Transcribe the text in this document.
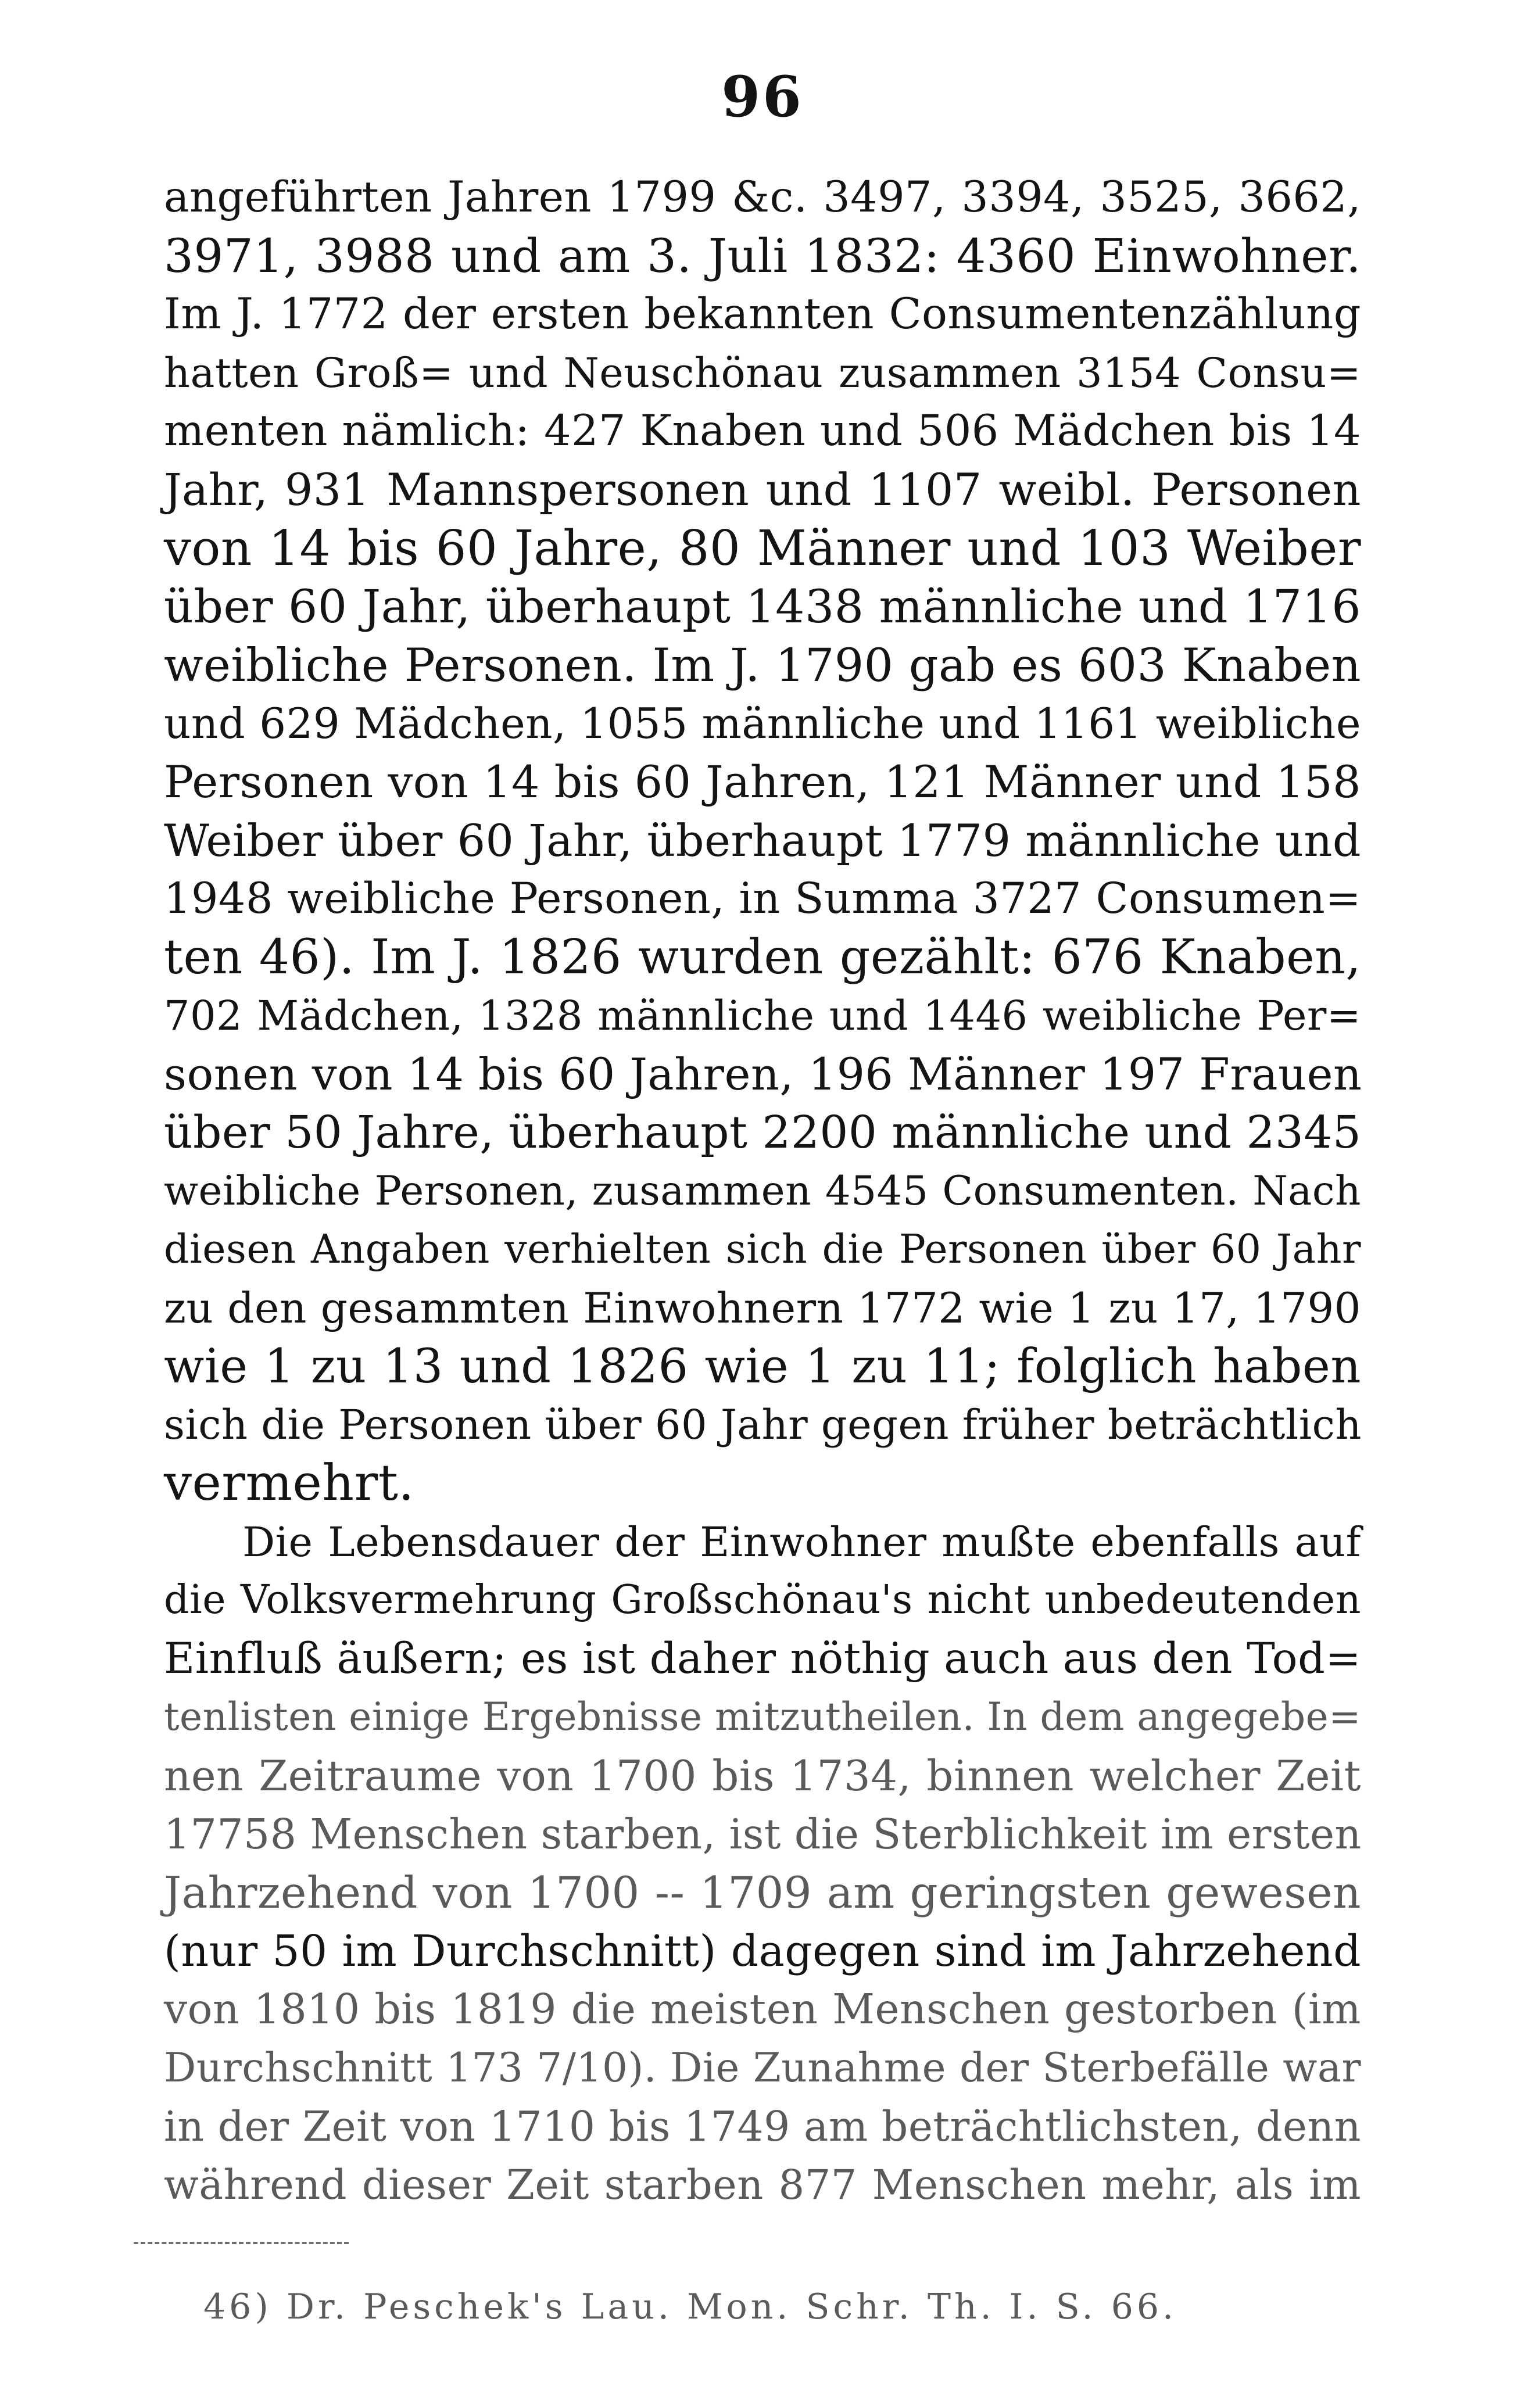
96
angeführten Jahren 1799 &c. 3497, 3394, 3525, 3662,
3971, 3988 und am 3. Juli 1832: 4360 Einwohner.
Im J. 1772 der ersten bekannten Consumentenzählung
hatten Groß= und Neuschönau zusammen 3154 Consu=
menten nämlich: 427 Knaben und 506 Mädchen bis 14
Jahr, 931 Mannspersonen und 1107 weibl. Personen
von 14 bis 60 Jahre, 80 Männer und 103 Weiber
über 60 Jahr, überhaupt 1438 männliche und 1716
weibliche Personen. Im J. 1790 gab es 603 Knaben
und 629 Mädchen, 1055 männliche und 1161 weibliche
Personen von 14 bis 60 Jahren, 121 Männer und 158
Weiber über 60 Jahr, überhaupt 1779 männliche und
1948 weibliche Personen, in Summa 3727 Consumen=
ten 46). Im J. 1826 wurden gezählt: 676 Knaben,
702 Mädchen, 1328 männliche und 1446 weibliche Per=
sonen von 14 bis 60 Jahren, 196 Männer 197 Frauen
über 50 Jahre, überhaupt 2200 männliche und 2345
weibliche Personen, zusammen 4545 Consumenten. Nach
diesen Angaben verhielten sich die Personen über 60 Jahr
zu den gesammten Einwohnern 1772 wie 1 zu 17, 1790
wie 1 zu 13 und 1826 wie 1 zu 11; folglich haben
sich die Personen über 60 Jahr gegen früher beträchtlich
vermehrt.
Die Lebensdauer der Einwohner mußte ebenfalls auf
die Volksvermehrung Großschönau's nicht unbedeutenden
Einfluß äußern; es ist daher nöthig auch aus den Tod=
tenlisten einige Ergebnisse mitzutheilen. In dem angegebe=
nen Zeitraume von 1700 bis 1734, binnen welcher Zeit
17758 Menschen starben, ist die Sterblichkeit im ersten
Jahrzehend von 1700 -- 1709 am geringsten gewesen
(nur 50 im Durchschnitt) dagegen sind im Jahrzehend
von 1810 bis 1819 die meisten Menschen gestorben (im
Durchschnitt 173 7/10). Die Zunahme der Sterbefälle war
in der Zeit von 1710 bis 1749 am beträchtlichsten, denn
während dieser Zeit starben 877 Menschen mehr, als im
46) Dr. Peschek's Lau. Mon. Schr. Th. I. S. 66.
